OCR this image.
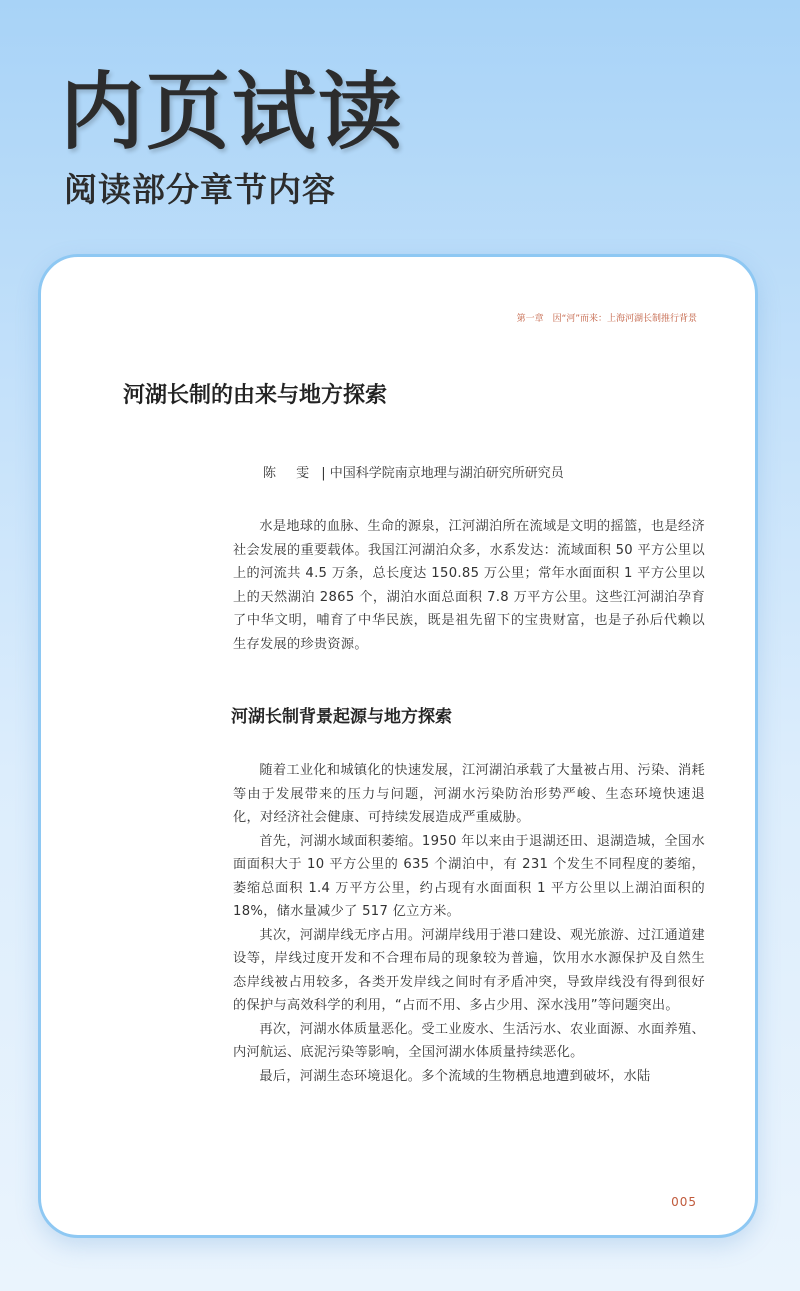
内页试读
阅读部分章节内容
第一章　因“河”而来：上海河湖长制推行背景
河湖长制的由来与地方探索
陈 雯 | 中国科学院南京地理与湖泊研究所研究员

水是地球的血脉、生命的源泉，江河湖泊所在流域是文明的摇篮，也是经济社会发展的重要载体。我国江河湖泊众多，水系发达：流域面积 50 平方公里以上的河流共 4.5 万条，总长度达 150.85 万公里；常年水面面积 1 平方公里以上的天然湖泊 2865 个，湖泊水面总面积 7.8 万平方公里。这些江河湖泊孕育了中华文明，哺育了中华民族，既是祖先留下的宝贵财富，也是子孙后代赖以生存发展的珍贵资源。

河湖长制背景起源与地方探索

随着工业化和城镇化的快速发展，江河湖泊承载了大量被占用、污染、消耗等由于发展带来的压力与问题，河湖水污染防治形势严峻、生态环境快速退化，对经济社会健康、可持续发展造成严重威胁。

首先，河湖水域面积萎缩。1950 年以来由于退湖还田、退湖造城，全国水面面积大于 10 平方公里的 635 个湖泊中，有 231 个发生不同程度的萎缩，萎缩总面积 1.4 万平方公里，约占现有水面面积 1 平方公里以上湖泊面积的 18%，储水量减少了 517 亿立方米。

其次，河湖岸线无序占用。河湖岸线用于港口建设、观光旅游、过江通道建设等，岸线过度开发和不合理布局的现象较为普遍，饮用水水源保护及自然生态岸线被占用较多，各类开发岸线之间时有矛盾冲突，导致岸线没有得到很好的保护与高效科学的利用，“占而不用、多占少用、深水浅用”等问题突出。

再次，河湖水体质量恶化。受工业废水、生活污水、农业面源、水面养殖、内河航运、底泥污染等影响，全国河湖水体质量持续恶化。

最后，河湖生态环境退化。多个流域的生物栖息地遭到破坏，水陆

005
